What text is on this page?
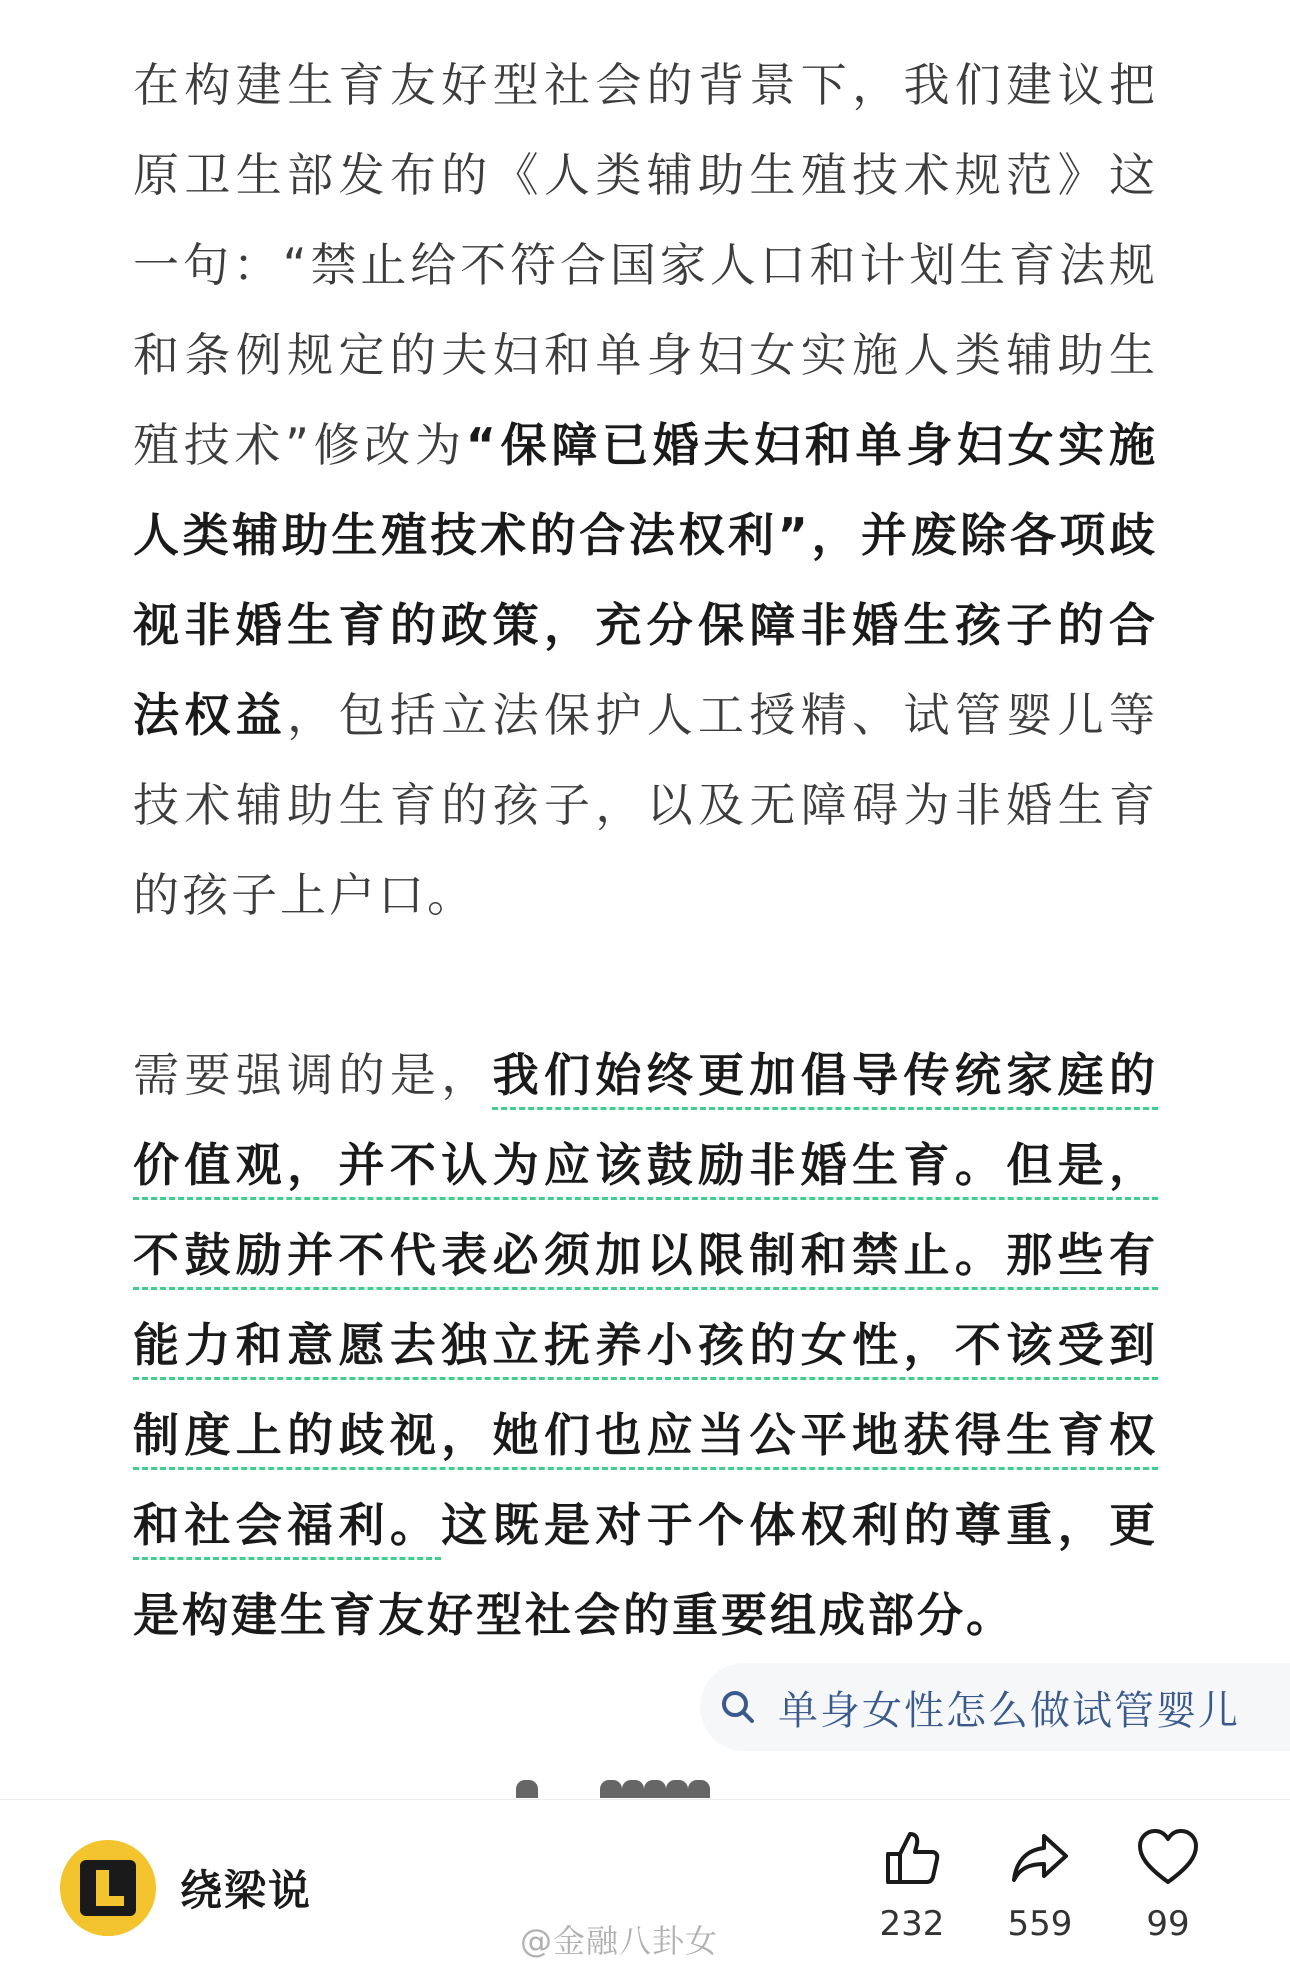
在构建生育友好型社会的背景下，我们建议把原卫生部发布的《人类辅助生殖技术规范》这一句：“禁止给不符合国家人口和计划生育法规和条例规定的夫妇和单身妇女实施人类辅助生殖技术”修改为“保障已婚夫妇和单身妇女实施人类辅助生殖技术的合法权利”，并废除各项歧视非婚生育的政策，充分保障非婚生孩子的合法权益，包括立法保护人工授精、试管婴儿等技术辅助生育的孩子，以及无障碍为非婚生育的孩子上户口。

需要强调的是，我们始终更加倡导传统家庭的价值观，并不认为应该鼓励非婚生育。但是，不鼓励并不代表必须加以限制和禁止。那些有能力和意愿去独立抚养小孩的女性，不该受到制度上的歧视，她们也应当公平地获得生育权和社会福利。这既是对于个体权利的尊重，更是构建生育友好型社会的重要组成部分。

单身女性怎么做试管婴儿
绕梁说
232	559	99
@金融八卦女
